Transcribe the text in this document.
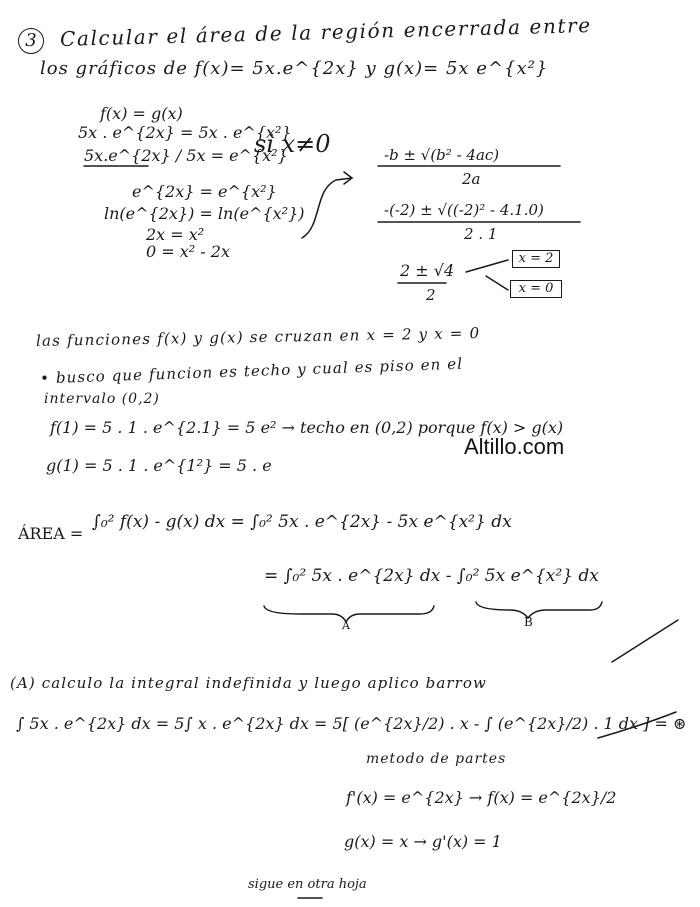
3	Calcular el área de la región encerrada entre
los gráficos de f(x)= 5x.e^{2x} y g(x)= 5x e^{x²}
f(x) = g(x)
5x . e^{2x} = 5x . e^{x²}
5x.e^{2x} / 5x = e^{x²}
si x≠0
e^{2x} = e^{x²}
ln(e^{2x}) = ln(e^{x²})
2x = x²
0 = x² - 2x
-b ± √(b² - 4ac)
2a
-(-2) ± √((-2)² - 4.1.0)
2 . 1
2 ± √4
2
x = 2
x = 0
las funciones f(x) y g(x) se cruzan en x = 2 y x = 0
• busco que funcion es techo y cual es piso en el
intervalo (0,2)
f(1) = 5 . 1 . e^{2.1} = 5 e² → techo en (0,2) porque f(x) > g(x)
g(1) = 5 . 1 . e^{1²} = 5 . e
Altillo.com
ÁREA =
∫₀² f(x) - g(x) dx = ∫₀² 5x . e^{2x} - 5x e^{x²} dx
= ∫₀² 5x . e^{2x} dx - ∫₀² 5x e^{x²} dx
A	B
(A) calculo la integral indefinida y luego aplico barrow
∫ 5x . e^{2x} dx = 5∫ x . e^{2x} dx = 5[ (e^{2x}/2) . x - ∫ (e^{2x}/2) . 1 dx ] = ⊛
metodo de partes
f'(x) = e^{2x} → f(x) = e^{2x}/2
g(x) = x → g'(x) = 1
sigue en otra hoja
